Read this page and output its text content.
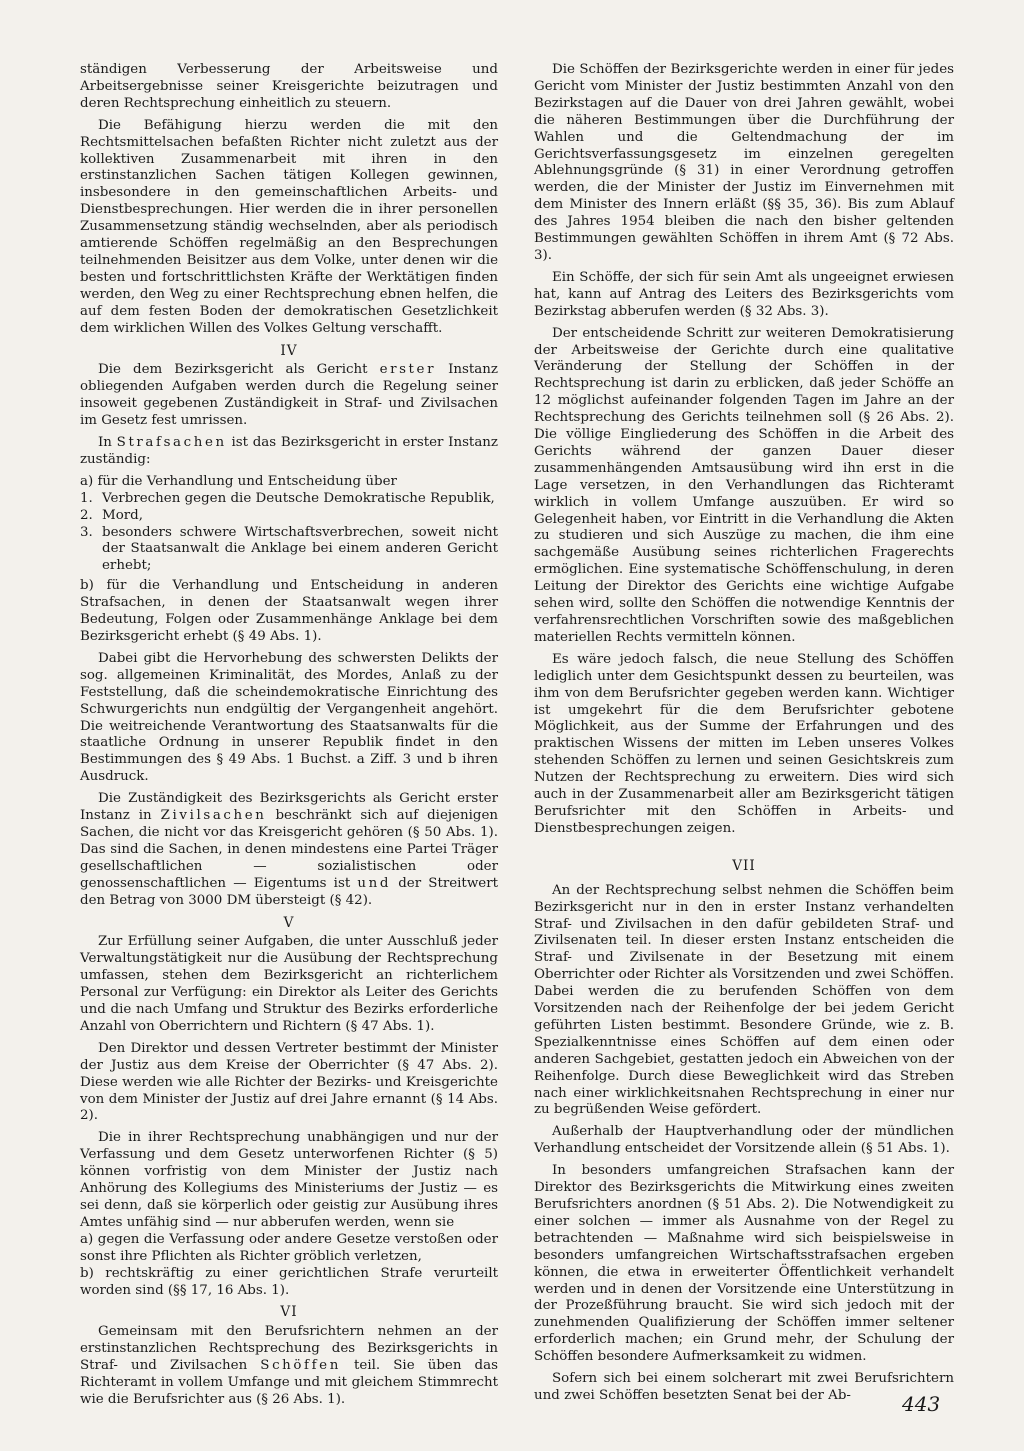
ständigen Verbesserung der Arbeitsweise und Arbeitsergebnisse seiner Kreisgerichte beizutragen und deren Rechtsprechung einheitlich zu steuern.

Die Befähigung hierzu werden die mit den Rechtsmittelsachen befaßten Richter nicht zuletzt aus der kollektiven Zusammenarbeit mit ihren in den erstinstanzlichen Sachen tätigen Kollegen gewinnen, insbesondere in den gemeinschaftlichen Arbeits- und Dienstbesprechungen. Hier werden die in ihrer personellen Zusammensetzung ständig wechselnden, aber als periodisch amtierende Schöffen regelmäßig an den Besprechungen teilnehmenden Beisitzer aus dem Volke, unter denen wir die besten und fortschrittlichsten Kräfte der Werktätigen finden werden, den Weg zu einer Rechtsprechung ebnen helfen, die auf dem festen Boden der demokratischen Gesetzlichkeit dem wirklichen Willen des Volkes Geltung verschafft.

IV

Die dem Bezirksgericht als Gericht erster Instanz obliegenden Aufgaben werden durch die Regelung seiner insoweit gegebenen Zuständigkeit in Straf- und Zivilsachen im Gesetz fest umrissen.

In Strafsachen ist das Bezirksgericht in erster Instanz zuständig:

a) für die Verhandlung und Entscheidung über

1. Verbrechen gegen die Deutsche Demokratische Republik,
2. Mord,
3. besonders schwere Wirtschaftsverbrechen, soweit nicht der Staatsanwalt die Anklage bei einem anderen Gericht erhebt;

b) für die Verhandlung und Entscheidung in anderen Strafsachen, in denen der Staatsanwalt wegen ihrer Bedeutung, Folgen oder Zusammenhänge Anklage bei dem Bezirksgericht erhebt (§ 49 Abs. 1).

Dabei gibt die Hervorhebung des schwersten Delikts der sog. allgemeinen Kriminalität, des Mordes, Anlaß zu der Feststellung, daß die scheindemokratische Einrichtung des Schwurgerichts nun endgültig der Vergangenheit angehört. Die weitreichende Verantwortung des Staatsanwalts für die staatliche Ordnung in unserer Republik findet in den Bestimmungen des § 49 Abs. 1 Buchst. a Ziff. 3 und b ihren Ausdruck.

Die Zuständigkeit des Bezirksgerichts als Gericht erster Instanz in Zivilsachen beschränkt sich auf diejenigen Sachen, die nicht vor das Kreisgericht gehören (§ 50 Abs. 1). Das sind die Sachen, in denen mindestens eine Partei Träger gesellschaftlichen — sozialistischen oder genossenschaftlichen — Eigentums ist und der Streitwert den Betrag von 3000 DM übersteigt (§ 42).

V

Zur Erfüllung seiner Aufgaben, die unter Ausschluß jeder Verwaltungstätigkeit nur die Ausübung der Rechtsprechung umfassen, stehen dem Bezirksgericht an richterlichem Personal zur Verfügung: ein Direktor als Leiter des Gerichts und die nach Umfang und Struktur des Bezirks erforderliche Anzahl von Oberrichtern und Richtern (§ 47 Abs. 1).

Den Direktor und dessen Vertreter bestimmt der Minister der Justiz aus dem Kreise der Oberrichter (§ 47 Abs. 2). Diese werden wie alle Richter der Bezirks- und Kreisgerichte von dem Minister der Justiz auf drei Jahre ernannt (§ 14 Abs. 2).

Die in ihrer Rechtsprechung unabhängigen und nur der Verfassung und dem Gesetz unterworfenen Richter (§ 5) können vorfristig von dem Minister der Justiz nach Anhörung des Kollegiums des Ministeriums der Justiz — es sei denn, daß sie körperlich oder geistig zur Ausübung ihres Amtes unfähig sind — nur abberufen werden, wenn sie

a) gegen die Verfassung oder andere Gesetze verstoßen oder sonst ihre Pflichten als Richter gröblich verletzen,

b) rechtskräftig zu einer gerichtlichen Strafe verurteilt worden sind (§§ 17, 16 Abs. 1).

VI

Gemeinsam mit den Berufsrichtern nehmen an der erstinstanzlichen Rechtsprechung des Bezirksgerichts in Straf- und Zivilsachen Schöffen teil. Sie üben das Richteramt in vollem Umfange und mit gleichem Stimmrecht wie die Berufsrichter aus (§ 26 Abs. 1).

Die Schöffen der Bezirksgerichte werden in einer für jedes Gericht vom Minister der Justiz bestimmten Anzahl von den Bezirkstagen auf die Dauer von drei Jahren gewählt, wobei die näheren Bestimmungen über die Durchführung der Wahlen und die Geltendmachung der im Gerichtsverfassungsgesetz im einzelnen geregelten Ablehnungsgründe (§ 31) in einer Verordnung getroffen werden, die der Minister der Justiz im Einvernehmen mit dem Minister des Innern erläßt (§§ 35, 36). Bis zum Ablauf des Jahres 1954 bleiben die nach den bisher geltenden Bestimmungen gewählten Schöffen in ihrem Amt (§ 72 Abs. 3).

Ein Schöffe, der sich für sein Amt als ungeeignet erwiesen hat, kann auf Antrag des Leiters des Bezirksgerichts vom Bezirkstag abberufen werden (§ 32 Abs. 3).

Der entscheidende Schritt zur weiteren Demokratisierung der Arbeitsweise der Gerichte durch eine qualitative Veränderung der Stellung der Schöffen in der Rechtsprechung ist darin zu erblicken, daß jeder Schöffe an 12 möglichst aufeinander folgenden Tagen im Jahre an der Rechtsprechung des Gerichts teilnehmen soll (§ 26 Abs. 2). Die völlige Eingliederung des Schöffen in die Arbeit des Gerichts während der ganzen Dauer dieser zusammenhängenden Amtsausübung wird ihn erst in die Lage versetzen, in den Verhandlungen das Richteramt wirklich in vollem Umfange auszuüben. Er wird so Gelegenheit haben, vor Eintritt in die Verhandlung die Akten zu studieren und sich Auszüge zu machen, die ihm eine sachgemäße Ausübung seines richterlichen Fragerechts ermöglichen. Eine systematische Schöffenschulung, in deren Leitung der Direktor des Gerichts eine wichtige Aufgabe sehen wird, sollte den Schöffen die notwendige Kenntnis der verfahrensrechtlichen Vorschriften sowie des maßgeblichen materiellen Rechts vermitteln können.

Es wäre jedoch falsch, die neue Stellung des Schöffen lediglich unter dem Gesichtspunkt dessen zu beurteilen, was ihm von dem Berufsrichter gegeben werden kann. Wichtiger ist umgekehrt für die dem Berufsrichter gebotene Möglichkeit, aus der Summe der Erfahrungen und des praktischen Wissens der mitten im Leben unseres Volkes stehenden Schöffen zu lernen und seinen Gesichtskreis zum Nutzen der Rechtsprechung zu erweitern. Dies wird sich auch in der Zusammenarbeit aller am Bezirksgericht tätigen Berufsrichter mit den Schöffen in Arbeits- und Dienstbesprechungen zeigen.

VII

An der Rechtsprechung selbst nehmen die Schöffen beim Bezirksgericht nur in den in erster Instanz verhandelten Straf- und Zivilsachen in den dafür gebildeten Straf- und Zivilsenaten teil. In dieser ersten Instanz entscheiden die Straf- und Zivilsenate in der Besetzung mit einem Oberrichter oder Richter als Vorsitzenden und zwei Schöffen. Dabei werden die zu berufenden Schöffen von dem Vorsitzenden nach der Reihenfolge der bei jedem Gericht geführten Listen bestimmt. Besondere Gründe, wie z. B. Spezialkenntnisse eines Schöffen auf dem einen oder anderen Sachgebiet, gestatten jedoch ein Abweichen von der Reihenfolge. Durch diese Beweglichkeit wird das Streben nach einer wirklichkeitsnahen Rechtsprechung in einer nur zu begrüßenden Weise gefördert.

Außerhalb der Hauptverhandlung oder der mündlichen Verhandlung entscheidet der Vorsitzende allein (§ 51 Abs. 1).

In besonders umfangreichen Strafsachen kann der Direktor des Bezirksgerichts die Mitwirkung eines zweiten Berufsrichters anordnen (§ 51 Abs. 2). Die Notwendigkeit zu einer solchen — immer als Ausnahme von der Regel zu betrachtenden — Maßnahme wird sich beispielsweise in besonders umfangreichen Wirtschaftsstrafsachen ergeben können, die etwa in erweiterter Öffentlichkeit verhandelt werden und in denen der Vorsitzende eine Unterstützung in der Prozeßführung braucht. Sie wird sich jedoch mit der zunehmenden Qualifizierung der Schöffen immer seltener erforderlich machen; ein Grund mehr, der Schulung der Schöffen besondere Aufmerksamkeit zu widmen.

Sofern sich bei einem solcherart mit zwei Berufsrichtern und zwei Schöffen besetzten Senat bei der Ab-	443
